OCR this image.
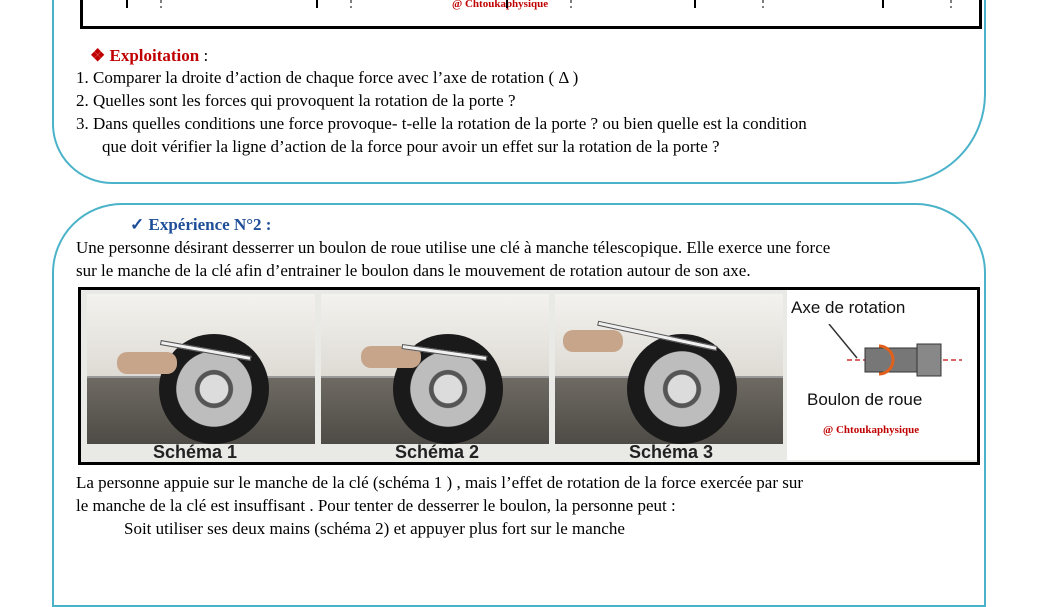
@ Chtoukaphysique
❖ Exploitation :
1. Comparer la droite d’action de chaque force avec l’axe de rotation ( Δ )
2. Quelles sont les forces qui provoquent la rotation de la porte ?
3. Dans quelles conditions une force provoque- t-elle la rotation de la porte ? ou bien quelle est la condition
que doit vérifier la ligne d’action de la force pour avoir un effet sur la rotation de la porte ?
✓ Expérience N°2 :
Une personne désirant desserrer un boulon de roue utilise une clé à manche télescopique. Elle exerce une force
sur le manche de la clé afin d’entrainer le boulon dans le mouvement de rotation autour de son axe.
Schéma 1	Schéma 2	Schéma 3
Axe de rotation
Boulon de roue
@ Chtoukaphysique
La personne appuie sur le manche de la clé (schéma 1 ) , mais l’effet de rotation de la force exercée par sur
le manche de la clé est insuffisant . Pour tenter de desserrer le boulon, la personne peut :
Soit utiliser ses deux mains (schéma 2) et appuyer plus fort sur le manche
